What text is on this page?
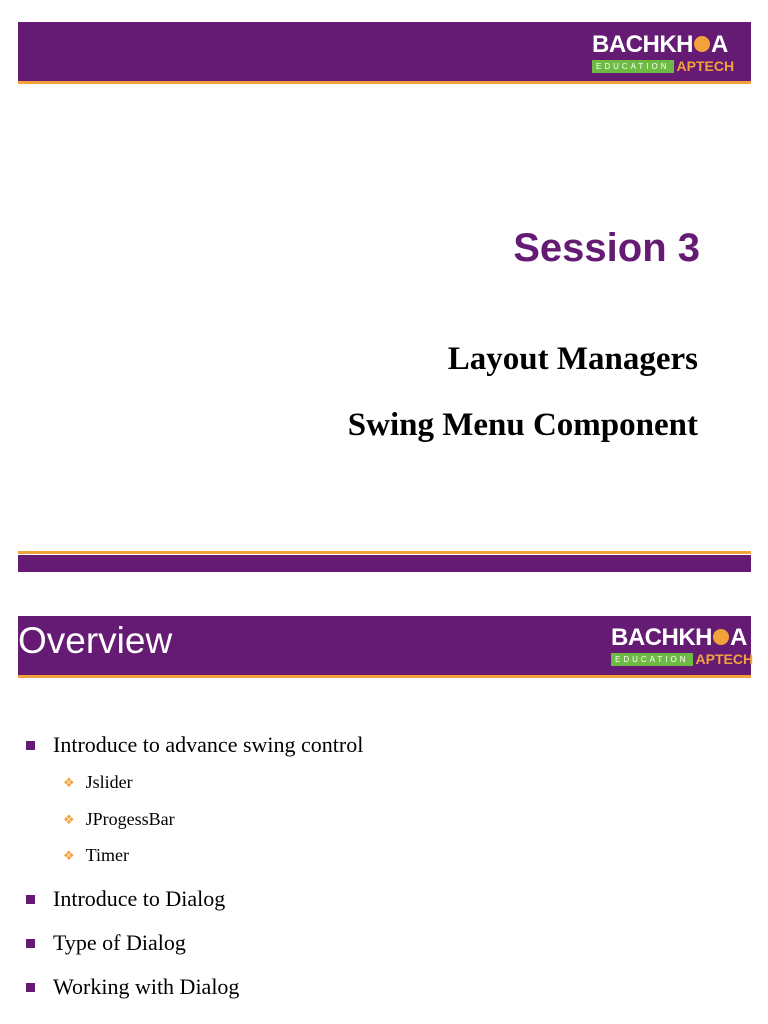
BACHKH A
EDUCATION APTECH
Session 3
Layout Managers
Swing Menu Component
Overview	BACHKH A
EDUCATION APTECH
Introduce to advance swing control
❖ Jslider
❖ JProgessBar
❖ Timer
Introduce to Dialog
Type of Dialog
Working with Dialog
